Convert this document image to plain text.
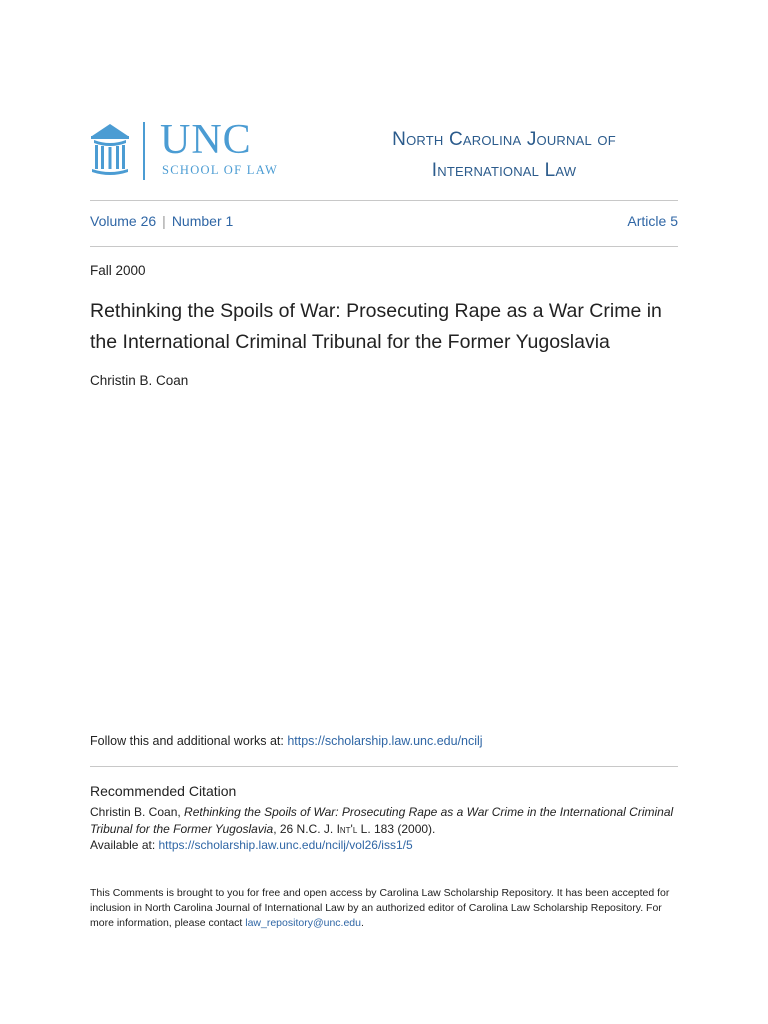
UNC
SCHOOL OF LAW
North Carolina Journal of
International Law
Volume 26 | Number 1	Article 5
Fall 2000
Rethinking the Spoils of War: Prosecuting Rape as a War Crime in the International Criminal Tribunal for the Former Yugoslavia
Christin B. Coan
Follow this and additional works at: https://scholarship.law.unc.edu/ncilj
Recommended Citation
Christin B. Coan, Rethinking the Spoils of War: Prosecuting Rape as a War Crime in the International Criminal Tribunal for the Former Yugoslavia, 26 N.C. J. Int'l L. 183 (2000).
Available at: https://scholarship.law.unc.edu/ncilj/vol26/iss1/5
This Comments is brought to you for free and open access by Carolina Law Scholarship Repository. It has been accepted for inclusion in North Carolina Journal of International Law by an authorized editor of Carolina Law Scholarship Repository. For more information, please contact law_repository@unc.edu.
